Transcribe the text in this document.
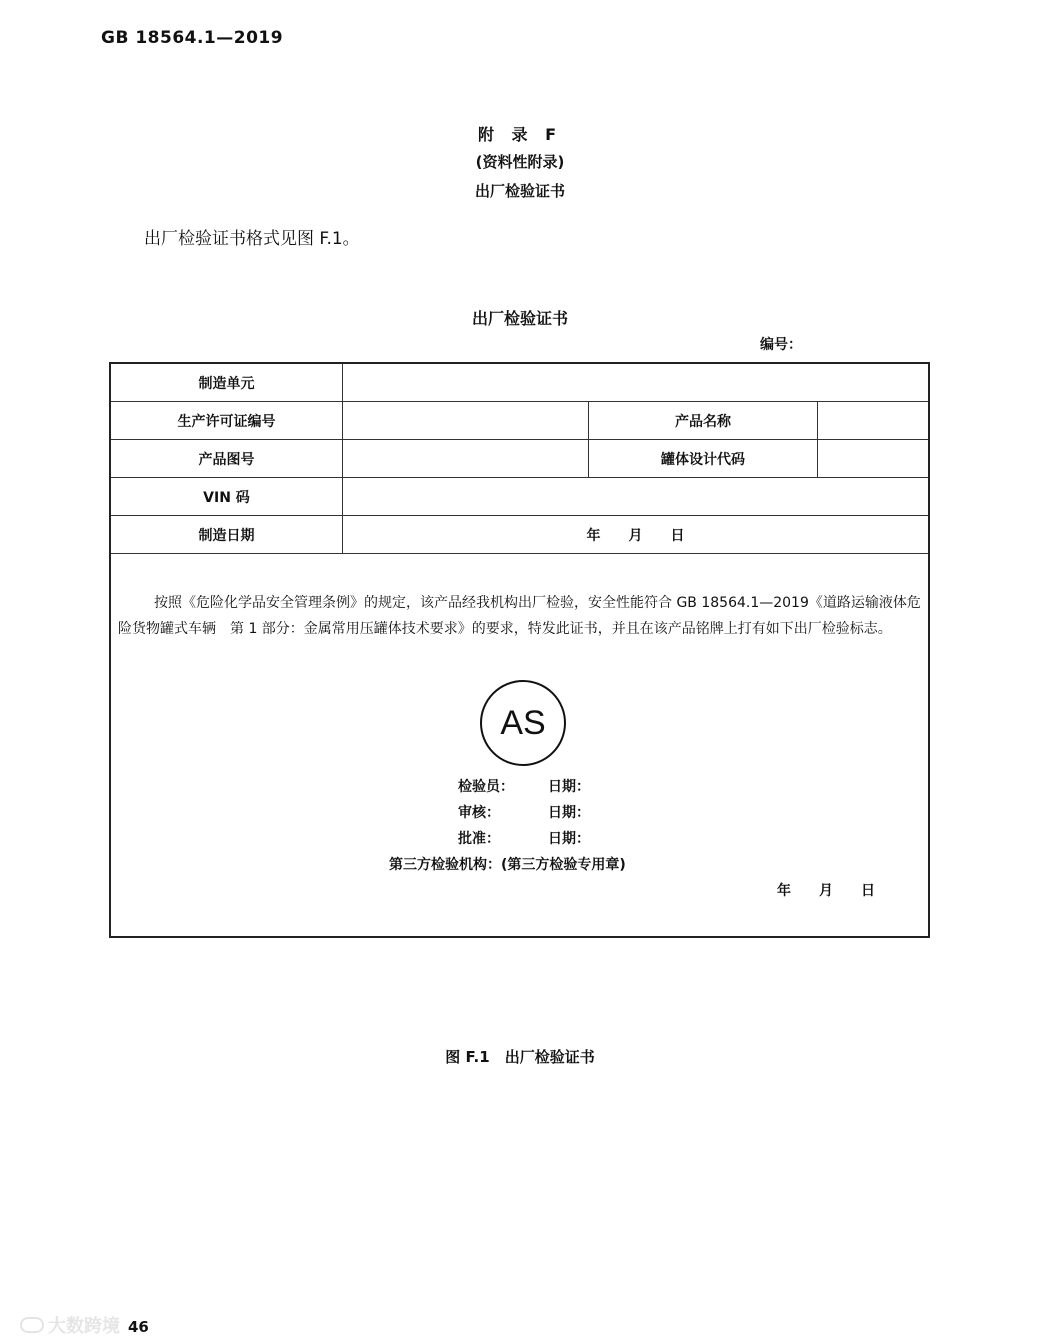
GB 18564.1—2019
附 录 F
(资料性附录)
出厂检验证书
出厂检验证书格式见图 F.1。
出厂检验证书
编号：
制造单元
生产许可证编号	产品名称
产品图号	罐体设计代码
VIN 码
制造日期	年　　月　　日
按照《危险化学品安全管理条例》的规定，该产品经我机构出厂检验，安全性能符合 GB 18564.1—2019《道路运输液体危险货物罐式车辆　第 1 部分：金属常用压罐体技术要求》的要求，特发此证书，并且在该产品铭牌上打有如下出厂检验标志。
AS
检验员： 日期：
审核：	日期：
批准：	日期：
第三方检验机构：(第三方检验专用章)
年　　月　　日
图 F.1　出厂检验证书
大数跨境 46
